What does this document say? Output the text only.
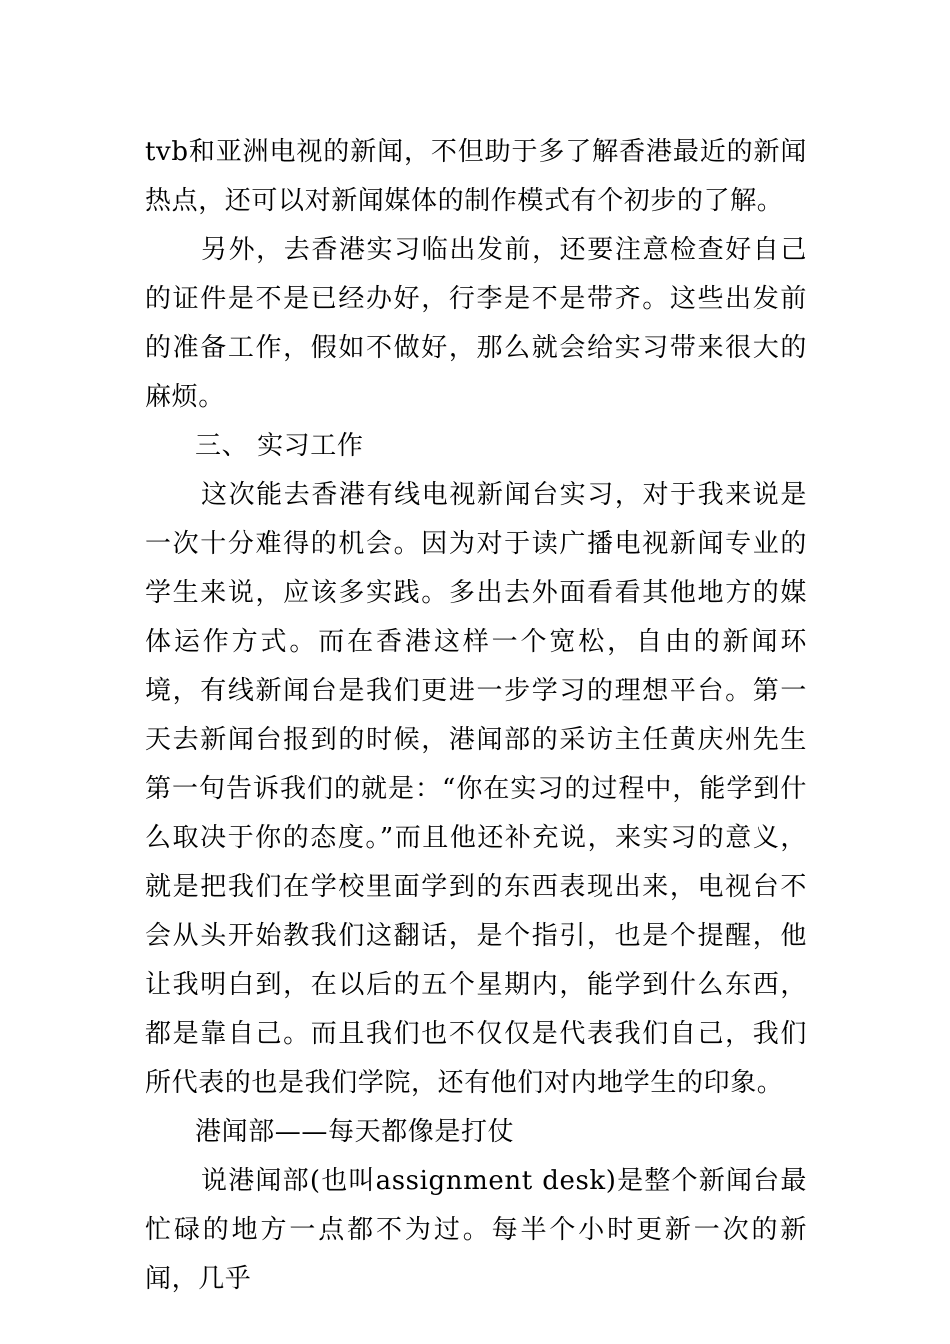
tvb和亚洲电视的新闻，不但助于多了解香港最近的新闻热点，还可以对新闻媒体的制作模式有个初步的了解。

另外，去香港实习临出发前，还要注意检查好自己的证件是不是已经办好，行李是不是带齐。这些出发前的准备工作，假如不做好，那么就会给实习带来很大的麻烦。

三、 实习工作

这次能去香港有线电视新闻台实习，对于我来说是一次十分难得的机会。因为对于读广播电视新闻专业的学生来说，应该多实践。多出去外面看看其他地方的媒体运作方式。而在香港这样一个宽松，自由的新闻环境，有线新闻台是我们更进一步学习的理想平台。第一天去新闻台报到的时候，港闻部的采访主任黄庆州先生第一句告诉我们的就是：“你在实习的过程中，能学到什么取决于你的态度。”而且他还补充说，来实习的意义，就是把我们在学校里面学到的东西表现出来，电视台不会从头开始教我们这翻话，是个指引，也是个提醒，他让我明白到，在以后的五个星期内，能学到什么东西，都是靠自己。而且我们也不仅仅是代表我们自己，我们所代表的也是我们学院，还有他们对内地学生的印象。

港闻部——每天都像是打仗

说港闻部(也叫assignment desk)是整个新闻台最忙碌的地方一点都不为过。每半个小时更新一次的新闻，几乎
